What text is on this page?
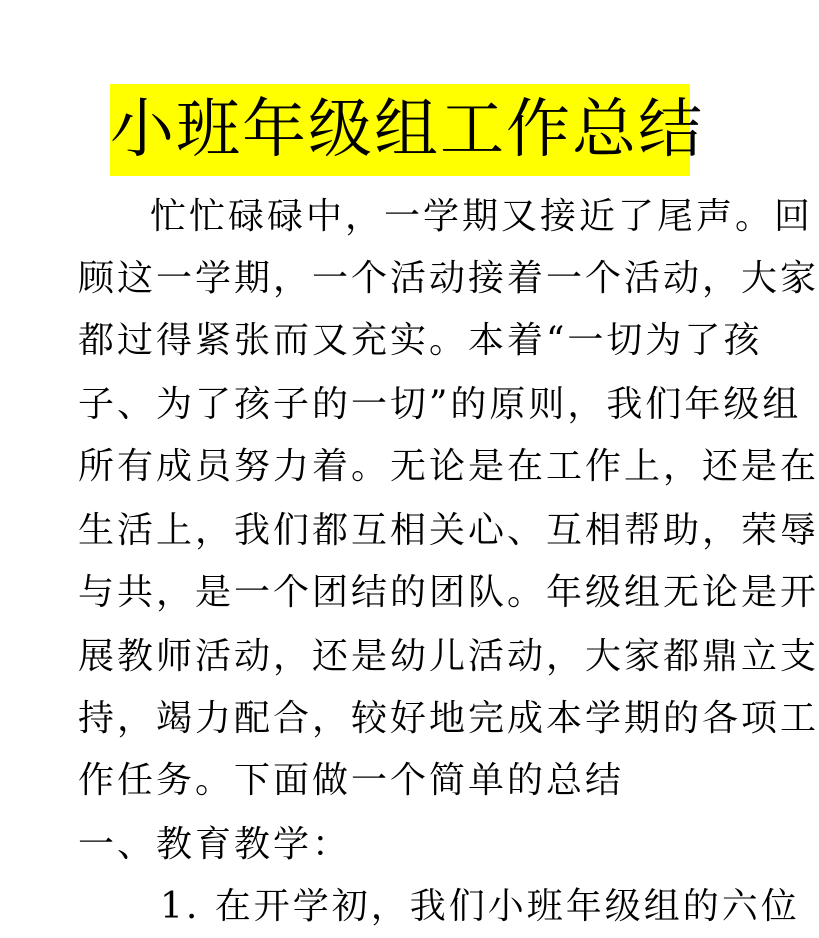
小班年级组工作总结
忙忙碌碌中，一学期又接近了尾声。回
顾这一学期，一个活动接着一个活动，大家
都过得紧张而又充实。本着“一切为了孩
子、为了孩子的一切”的原则，我们年级组
所有成员努力着。无论是在工作上，还是在
生活上，我们都互相关心、互相帮助，荣辱
与共，是一个团结的团队。年级组无论是开
展教师活动，还是幼儿活动，大家都鼎立支
持，竭力配合，较好地完成本学期的各项工
作任务。下面做一个简单的总结
一、教育教学：
1. 在开学初，我们小班年级组的六位
